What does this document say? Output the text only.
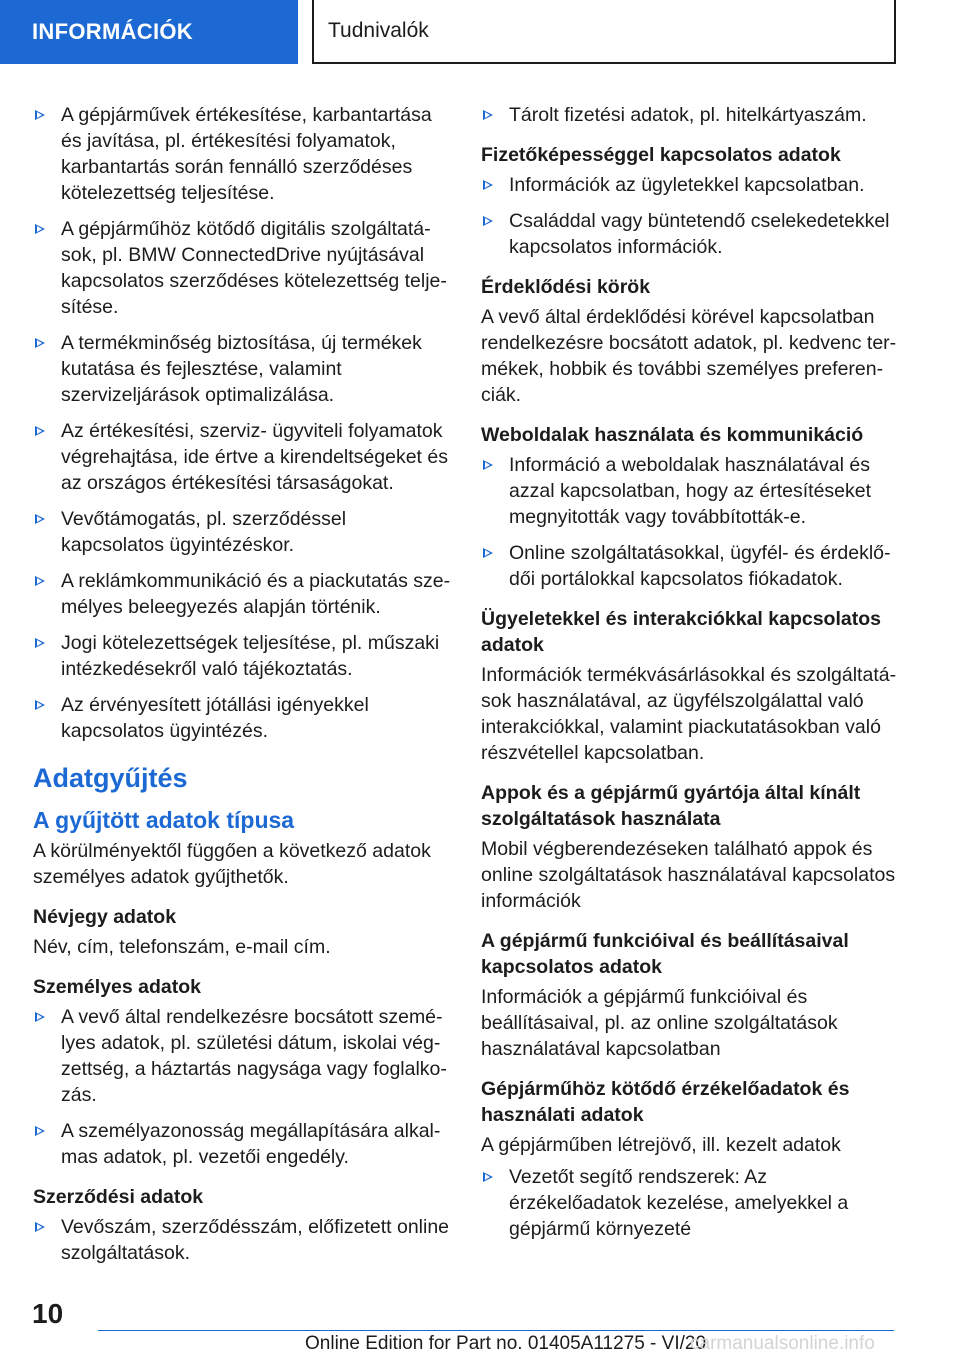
INFORMÁCIÓK	Tudnivalók
A gépjárművek értékesítése, karbantartása és javítása, pl. értékesítési folyamatok, karbantartás során fennálló szerződéses kötelezettség teljesítése.
A gépjárműhöz kötődő digitális szolgáltatások, pl. BMW ConnectedDrive nyújtásával kapcsolatos szerződéses kötelezettség teljesítése.
A termékminőség biztosítása, új termékek kutatása és fejlesztése, valamint szervizeljárások optimalizálása.
Az értékesítési, szerviz- ügyviteli folyamatok végrehajtása, ide értve a kirendeltségeket és az országos értékesítési társaságokat.
Vevőtámogatás, pl. szerződéssel kapcsolatos ügyintézéskor.
A reklámkommunikáció és a piackutatás személyes beleegyezés alapján történik.
Jogi kötelezettségek teljesítése, pl. műszaki intézkedésekről való tájékoztatás.
Az érvényesített jótállási igényekkel kapcsolatos ügyintézés.
Adatgyűjtés
A gyűjtött adatok típusa

A körülményektől függően a következő adatok személyes adatok gyűjthetők.

Névjegy adatok

Név, cím, telefonszám, e-mail cím.

Személyes adatok
A vevő által rendelkezésre bocsátott személyes adatok, pl. születési dátum, iskolai végzettség, a háztartás nagysága vagy foglalkozás.
A személyazonosság megállapítására alkalmas adatok, pl. vezetői engedély.
Szerződési adatok
Vevőszám, szerződésszám, előfizetett online szolgáltatások.
Tárolt fizetési adatok, pl. hitelkártyaszám.
Fizetőképességgel kapcsolatos adatok
Információk az ügyletekkel kapcsolatban.
Családdal vagy büntetendő cselekedetekkel kapcsolatos információk.
Érdeklődési körök

A vevő által érdeklődési körével kapcsolatban rendelkezésre bocsátott adatok, pl. kedvenc termékek, hobbik és további személyes preferenciák.

Weboldalak használata és kommunikáció
Információ a weboldalak használatával és azzal kapcsolatban, hogy az értesítéseket megnyitották vagy továbbították-e.
Online szolgáltatásokkal, ügyfél- és érdeklődői portálokkal kapcsolatos fiókadatok.
Ügyeletekkel és interakciókkal kapcsolatos adatok

Információk termékvásárlásokkal és szolgáltatások használatával, az ügyfélszolgálattal való interakciókkal, valamint piackutatásokban való részvétellel kapcsolatban.

Appok és a gépjármű gyártója által kínált szolgáltatások használata

Mobil végberendezéseken található appok és online szolgáltatások használatával kapcsolatos információk

A gépjármű funkcióival és beállításaival kapcsolatos adatok

Információk a gépjármű funkcióival és beállításaival, pl. az online szolgáltatások használatával kapcsolatban

Gépjárműhöz kötődő érzékelőadatok és használati adatok

A gépjárműben létrejövő, ill. kezelt adatok

Vezetőt segítő rendszerek: Az érzékelőadatok kezelése, amelyekkel a gépjármű környezeté
10
Online Edition for Part no. 01405A11275 - VI/20
carmanualsonline.info
